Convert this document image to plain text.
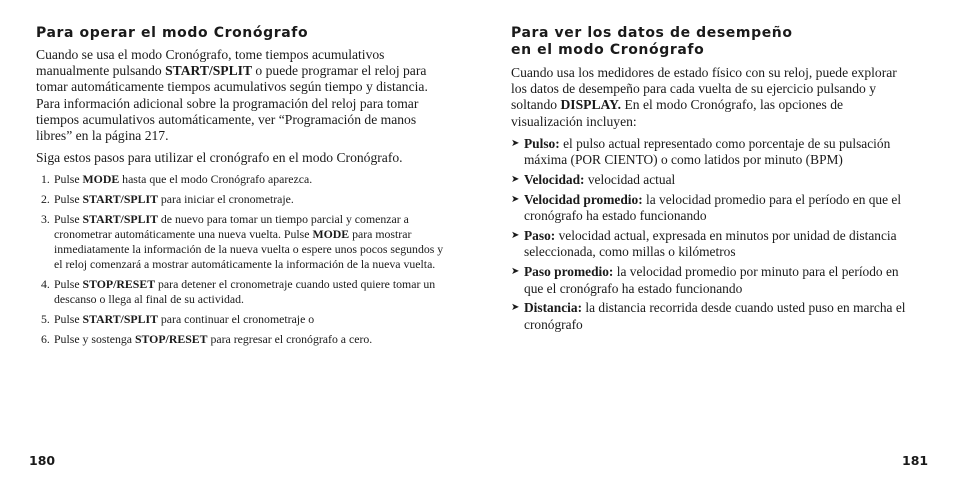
Para operar el modo Cronógrafo

Cuando se usa el modo Cronógrafo, tome tiempos acumulativos manualmente pulsando START/SPLIT o puede programar el reloj para tomar automáticamente tiempos acumulativos según tiempo y distancia. Para información adicional sobre la programación del reloj para tomar tiempos acumulativos automáticamente, ver “Programación de manos libres” en la página 217.

Siga estos pasos para utilizar el cronógrafo en el modo Cronógrafo.

1. Pulse MODE hasta que el modo Cronógrafo aparezca.
2. Pulse START/SPLIT para iniciar el cronometraje.
3. Pulse START/SPLIT de nuevo para tomar un tiempo parcial y comenzar a cronometrar automáticamente una nueva vuelta. Pulse MODE para mostrar inmediatamente la información de la nueva vuelta o espere unos pocos segundos y el reloj comenzará a mostrar automáticamente la información de la nueva vuelta.
4. Pulse STOP/RESET para detener el cronometraje cuando usted quiere tomar un descanso o llega al final de su actividad.
5. Pulse START/SPLIT para continuar el cronometraje o
6. Pulse y sostenga STOP/RESET para regresar el cronógrafo a cero.
180
Para ver los datos de desempeño
en el modo Cronógrafo

Cuando usa los medidores de estado físico con su reloj, puede explorar los datos de desempeño para cada vuelta de su ejercicio pulsando y soltando DISPLAY. En el modo Cronógrafo, las opciones de visualización incluyen:

➤ Pulso: el pulso actual representado como porcentaje de su pulsación máxima (POR CIENTO) o como latidos por minuto (BPM)
➤ Velocidad: velocidad actual
➤ Velocidad promedio: la velocidad promedio para el período en que el cronógrafo ha estado funcionando
➤ Paso: velocidad actual, expresada en minutos por unidad de distancia seleccionada, como millas o kilómetros
➤ Paso promedio: la velocidad promedio por minuto para el período en que el cronógrafo ha estado funcionando
➤ Distancia: la distancia recorrida desde cuando usted puso en marcha el cronógrafo
181
